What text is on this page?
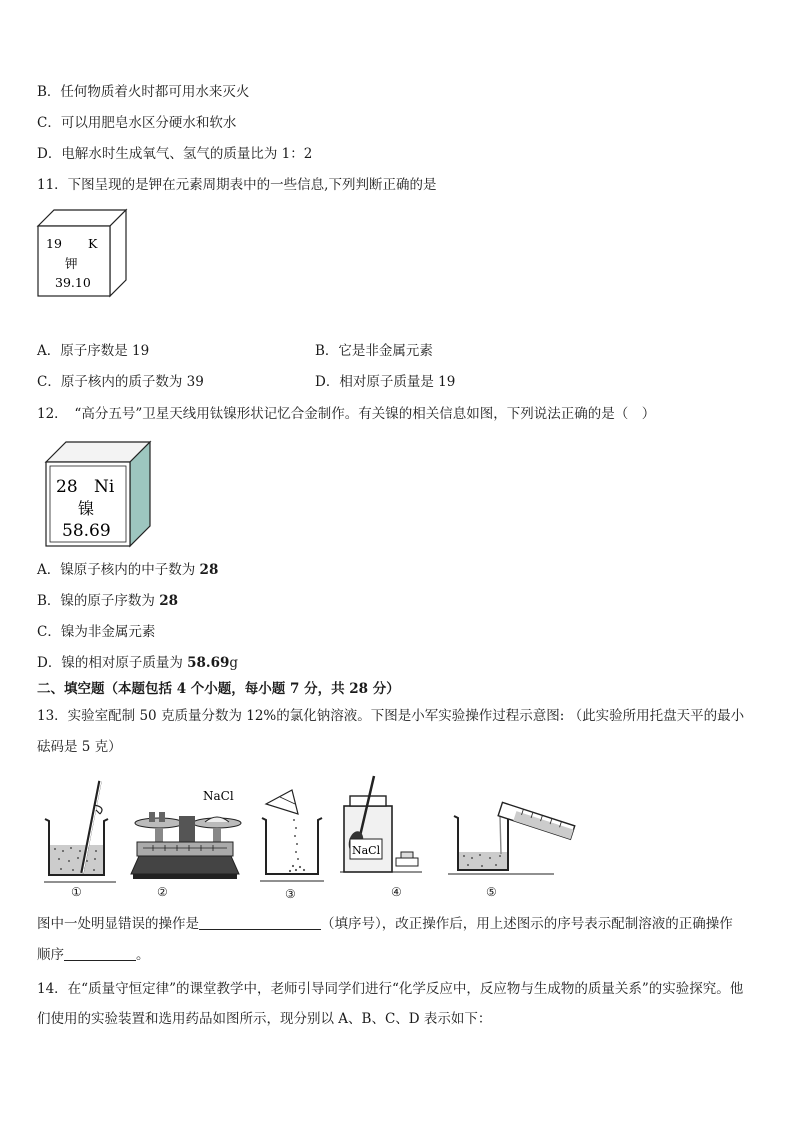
B．任何物质着火时都可用水来灭火
C．可以用肥皂水区分硬水和软水
D．电解水时生成氧气、氢气的质量比为 1：2
11．下图呈现的是钾在元素周期表中的一些信息,下列判断正确的是
19 K
钾
39.10
A．原子序数是 19	B．它是非金属元素
C．原子核内的质子数为 39	D．相对原子质量是 19
12．　“高分五号”卫星天线用钛镍形状记忆合金制作。有关镍的相关信息如图，下列说法正确的是（　）
28 Ni
镍
58.69
A．镍原子核内的中子数为 28
B．镍的原子序数为 28
C．镍为非金属元素
D．镍的相对原子质量为 58.69g
二、填空题（本题包括 4 个小题，每小题 7 分，共 28 分）
13．实验室配制 50 克质量分数为 12%的氯化钠溶液。下图是小军实验操作过程示意图: （此实验所用托盘天平的最小
砝码是 5 克）
①
NaCl
②	③
NaCl
④	⑤
图中一处明显错误的操作是	（填序号），改正操作后，用上述图示的序号表示配制溶液的正确操作
顺序	。
14．在“质量守恒定律”的课堂教学中，老师引导同学们进行“化学反应中，反应物与生成物的质量关系”的实验探究。他
们使用的实验装置和选用药品如图所示，现分别以 A、B、C、D 表示如下：
